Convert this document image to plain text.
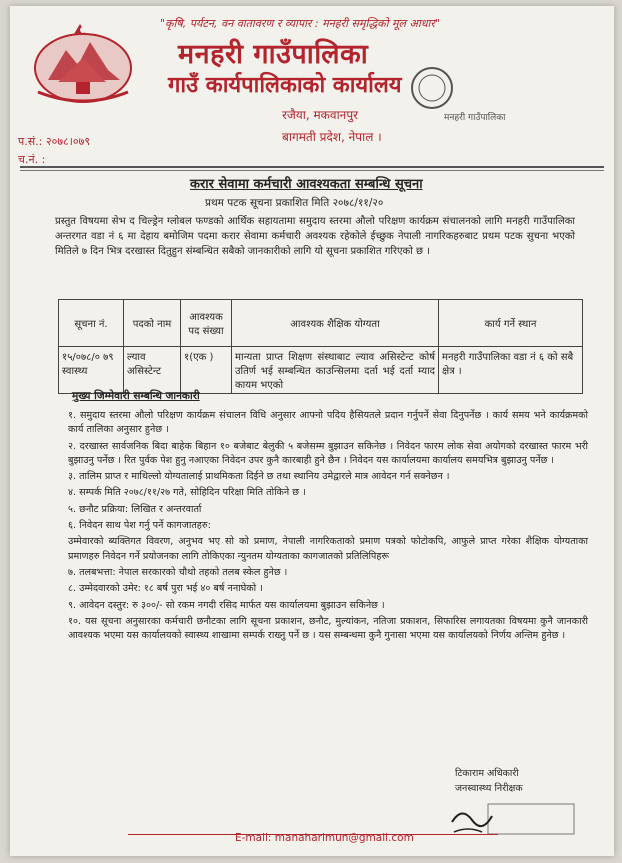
"कृषि, पर्यटन, वन वातावरण र व्यापार : मनहरी समृद्धिको मूल आधार"
मनहरी गाउँपालिका
गाउँ कार्यपालिकाको कार्यालय
रजैया, मकवानपुर
बागमती प्रदेश, नेपाल ।
मनहरी गाउँपालिका
प.सं.: २०७८।०७९
च.नं. :
करार सेवामा कर्मचारी आवश्यकता सम्बन्धि सूचना
प्रथम पटक सूचना प्रकाशित मिति २०७८/११/२०
प्रस्तुत विषयमा सेभ द चिल्ड्रेन ग्लोबल फण्डको आर्थिक सहायतामा समुदाय स्तरमा औलो परिक्षण कार्यक्रम संचालनको लागि मनहरी गाउँपालिका अन्तरगत वडा नं ६ मा देहाय बमोजिम पदमा करार सेवामा कर्मचारी अवश्यक रहेकोले ईच्छुक नेपाली नागरिकहरुबाट प्रथम पटक सुचना भएको मितिले ७ दिन भित्र दरखास्त दितुहुन संम्बन्धित सबैको जानकारीको लागि यो सूचना प्रकाशित गरिएको छ ।
सूचना नं.	पदको नाम	आवश्यक पद संख्या	आवश्यक शैक्षिक योग्यता	कार्य गर्ने स्थान
१५/०७८/० ७९ स्वास्थ्य	ल्याव असिस्टेन्ट	१(एक )	मान्यता प्राप्त शिक्षण संस्थाबाट ल्याव असिस्टेन्ट कोर्ष उतिर्ण भई सम्बन्धित काउन्सिलमा दर्ता भई दर्ता म्याद कायम भएको	मनहरी गाउँपालिका वडा नं ६ को सबै क्षेत्र ।
मुख्य जिम्मेवारी सम्बन्धि जानकारी
१. समुदाय स्तरमा औलो परिक्षण कार्यक्रम संचालन विधि अनुसार आफ्नो पदिय हैसियतले प्रदान गर्नुपर्ने सेवा दिनुपर्नेछ । कार्य समय भने कार्यक्रमको कार्य तालिका अनुसार हुनेछ ।
२. दरखास्त सार्वजनिक बिदा बाहेक बिहान १० बजेबाट बेलुकी ५ बजेसम्म बुझाउन सकिनेछ । निवेदन फारम लोक सेवा अयोगको दरखास्त फारम भरी बुझाउनु पर्नेछ । रित पुर्वक पेश हुनु नआएका निवेदन उपर कुनै कारबाही हुने छैन । निवेदन यस कार्यालयमा कार्यालय समयभित्र बुझाउनु पर्नेछ ।
३. तालिम प्राप्त र माथिल्लो योग्यतालाई प्राथमिकता दिईने छ तथा स्थानिय उमेद्वारले मात्र आवेदन गर्न सक्नेछन ।
४. सम्पर्क मिति २०७८/११/२७ गते, सोहिदिन परिक्षा मिति तोकिने छ ।
५. छनौट प्रक्रिया: लिखित र अन्तरवार्ता
६. निवेदन साथ पेश गर्नु पर्ने कागजातहरु:
उम्मेवारको ब्यक्तिगत विवरण, अनुभव भए सो को प्रमाण, नेपाली नागरिकताको प्रमाण पत्रको फोटोकपि, आफुले प्राप्त गरेका शैक्षिक योग्यताका प्रमाणहरु निवेदन गर्ने प्रयोजनका लागि तोकिएका न्युनतम योग्यताका कागजातको प्रतिलिपिहरू
७. तलबभत्ता: नेपाल सरकारको चौथो तहको तलब स्केल हुनेछ ।
८. उम्मेदवारको उमेर: १८ बर्ष पुरा भई ४० बर्ष ननाघेको ।
९. आवेदन दस्तुर: रु ३००/- सो रकम नगदी रसिद मार्फत यस कार्यालयमा बुझाउन सकिनेछ ।
१०. यस सूचना अनुसारका कर्मचारी छनौटका लागि सूचना प्रकाशन, छनौट, मुल्यांकन, नतिजा प्रकाशन, सिफारिस लगायतका विषयमा कुनै जानकारी आवश्यक भएमा यस कार्यालयको स्वास्थ्य शाखामा सम्पर्क राख्नु पर्ने छ । यस सम्बन्धमा कुनै गुनासा भएमा यस कार्यालयको निर्णय अन्तिम हुनेछ ।
टिकाराम अधिकारी
जनस्वास्थ्य निरीक्षक
E-mail: manaharimun@gmail.com
